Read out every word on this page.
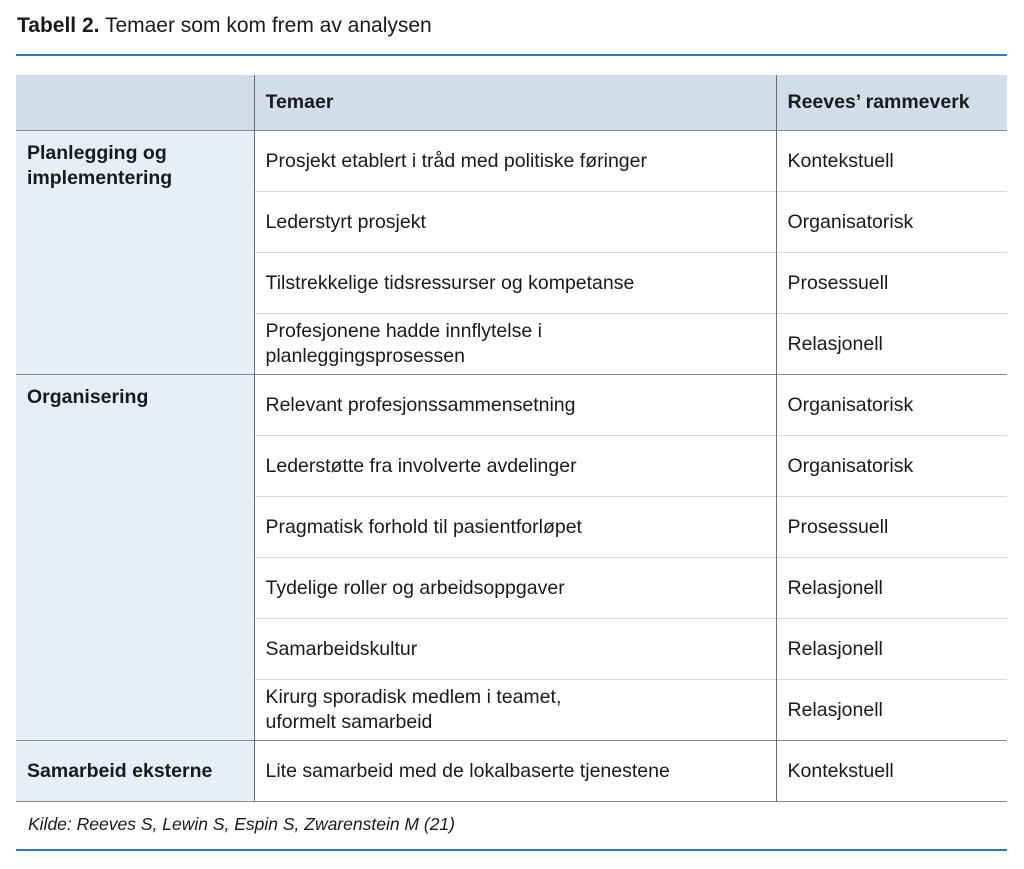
Tabell 2. Temaer som kom frem av analysen
	Temaer	Reeves’ rammeverk
Planlegging og implementering	Prosjekt etablert i tråd med politiske føringer	Kontekstuell
	Lederstyrt prosjekt	Organisatorisk
	Tilstrekkelige tidsressurser og kompetanse	Prosessuell
	Profesjonene hadde innflytelse i planleggingsprosessen	Relasjonell
Organisering	Relevant profesjonssammensetning	Organisatorisk
	Lederstøtte fra involverte avdelinger	Organisatorisk
	Pragmatisk forhold til pasientforløpet	Prosessuell
	Tydelige roller og arbeidsoppgaver	Relasjonell
	Samarbeidskultur	Relasjonell
	Kirurg sporadisk medlem i teamet, uformelt samarbeid	Relasjonell
Samarbeid eksterne	Lite samarbeid med de lokalbaserte tjenestene	Kontekstuell
Kilde: Reeves S, Lewin S, Espin S, Zwarenstein M (21)
